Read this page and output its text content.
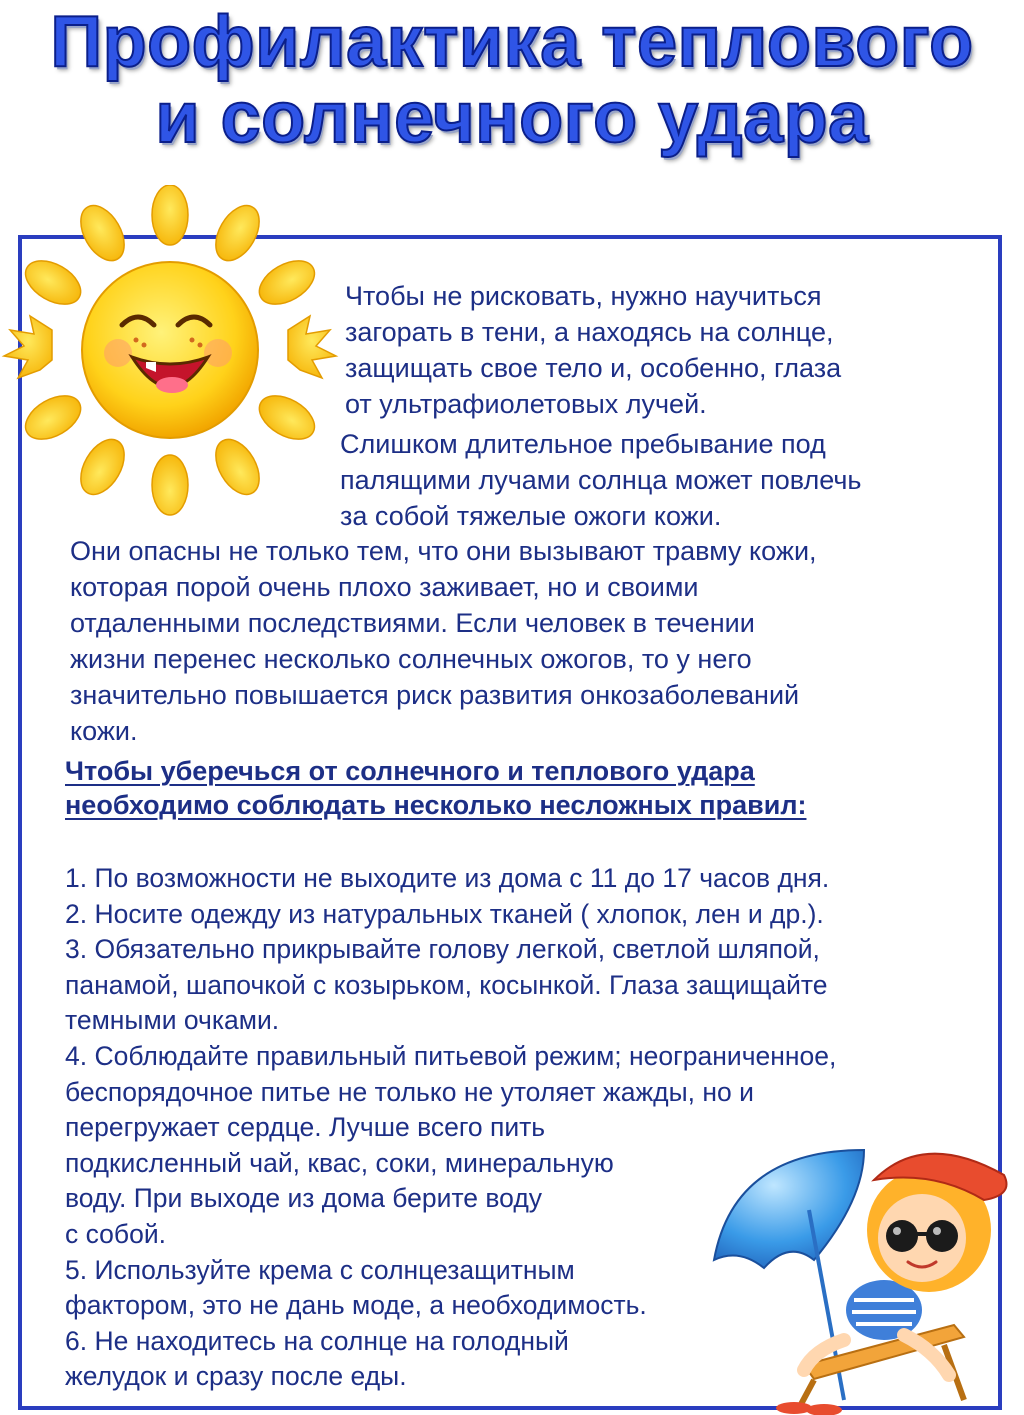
Профилактика теплового
и солнечного удара
Чтобы не рисковать, нужно научиться
загорать в тени, а находясь на солнце,
защищать свое тело и, особенно, глаза
от ультрафиолетовых лучей.
Слишком длительное пребывание под
палящими лучами солнца может повлечь
за собой тяжелые ожоги кожи.
Они опасны не только тем, что они вызывают травму кожи,
которая порой очень плохо заживает, но и своими
отдаленными последствиями. Если человек в течении
жизни перенес несколько солнечных ожогов, то у него
значительно повышается риск развития онкозаболеваний
кожи.
Чтобы уберечься от солнечного и теплового удара
необходимо соблюдать несколько несложных правил:
1. По возможности не выходите из дома с 11 до 17 часов дня.
2. Носите одежду из натуральных тканей ( хлопок, лен и др.).
3. Обязательно прикрывайте голову легкой, светлой шляпой,
панамой, шапочкой с козырьком, косынкой. Глаза защищайте
темными очками.
4. Соблюдайте правильный питьевой режим; неограниченное,
беспорядочное питье не только не утоляет жажды, но и
перегружает сердце. Лучше всего пить
подкисленный чай, квас, соки, минеральную
воду. При выходе из дома берите воду
с собой.
5. Используйте крема с солнцезащитным
фактором, это не дань моде, а необходимость.
6. Не находитесь на солнце на голодный
желудок и сразу после еды.
